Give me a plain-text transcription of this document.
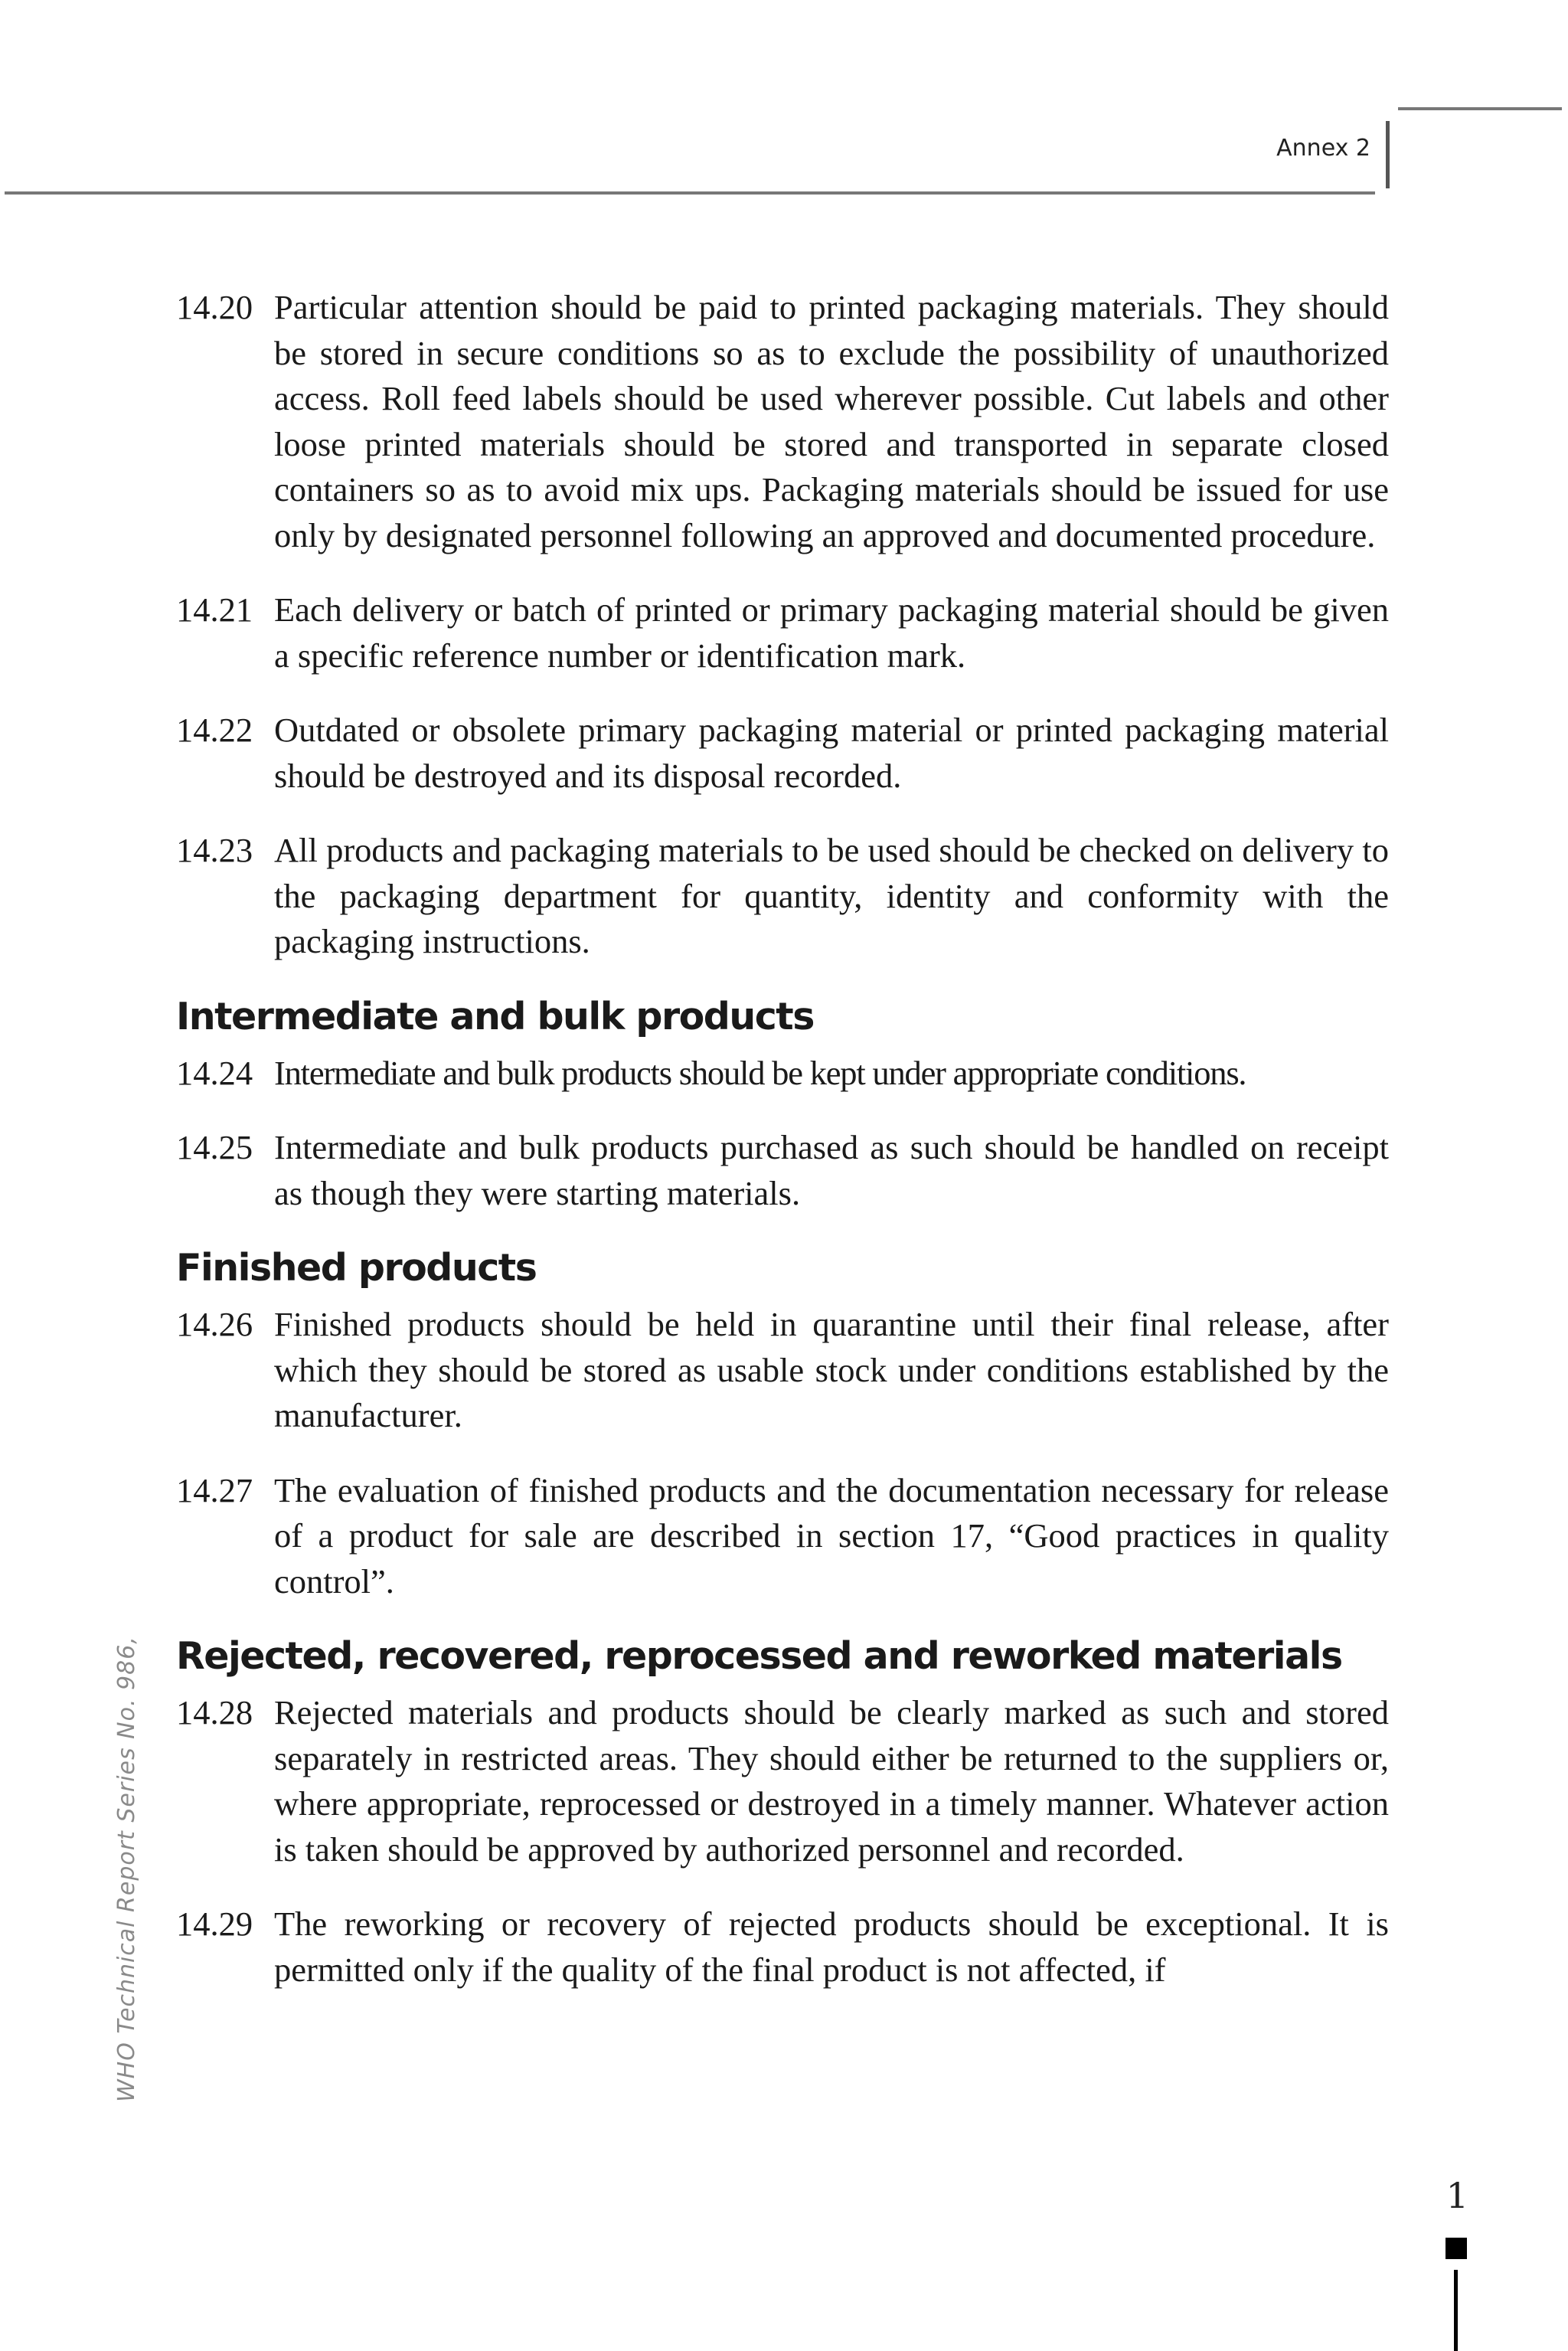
Annex 2
WHO Technical Report Series No. 986,
14.20 Particular attention should be paid to printed packaging materials. They should be stored in secure conditions so as to exclude the possibility of unauthorized access. Roll feed labels should be used wherever possible. Cut labels and other loose printed materials should be stored and transported in separate closed containers so as to avoid mix ups. Packaging materials should be issued for use only by designated personnel following an approved and documented procedure.
14.21 Each delivery or batch of printed or primary packaging material should be given a specific reference number or identification mark.
14.22 Outdated or obsolete primary packaging material or printed packaging material should be destroyed and its disposal recorded.
14.23 All products and packaging materials to be used should be checked on delivery to the packaging department for quantity, identity and conformity with the packaging instructions.
Intermediate and bulk products
14.24 Intermediate and bulk products should be kept under appropriate conditions.
14.25 Intermediate and bulk products purchased as such should be handled on receipt as though they were starting materials.
Finished products
14.26 Finished products should be held in quarantine until their final release, after which they should be stored as usable stock under conditions established by the manufacturer.
14.27 The evaluation of finished products and the documentation necessary for release of a product for sale are described in section 17, “Good practices in quality control”.
Rejected, recovered, reprocessed and reworked materials
14.28 Rejected materials and products should be clearly marked as such and stored separately in restricted areas. They should either be returned to the suppliers or, where appropriate, reprocessed or destroyed in a timely manner. Whatever action is taken should be approved by authorized personnel and recorded.
14.29 The reworking or recovery of rejected products should be exceptional. It is permitted only if the quality of the final product is not affected, if
1
